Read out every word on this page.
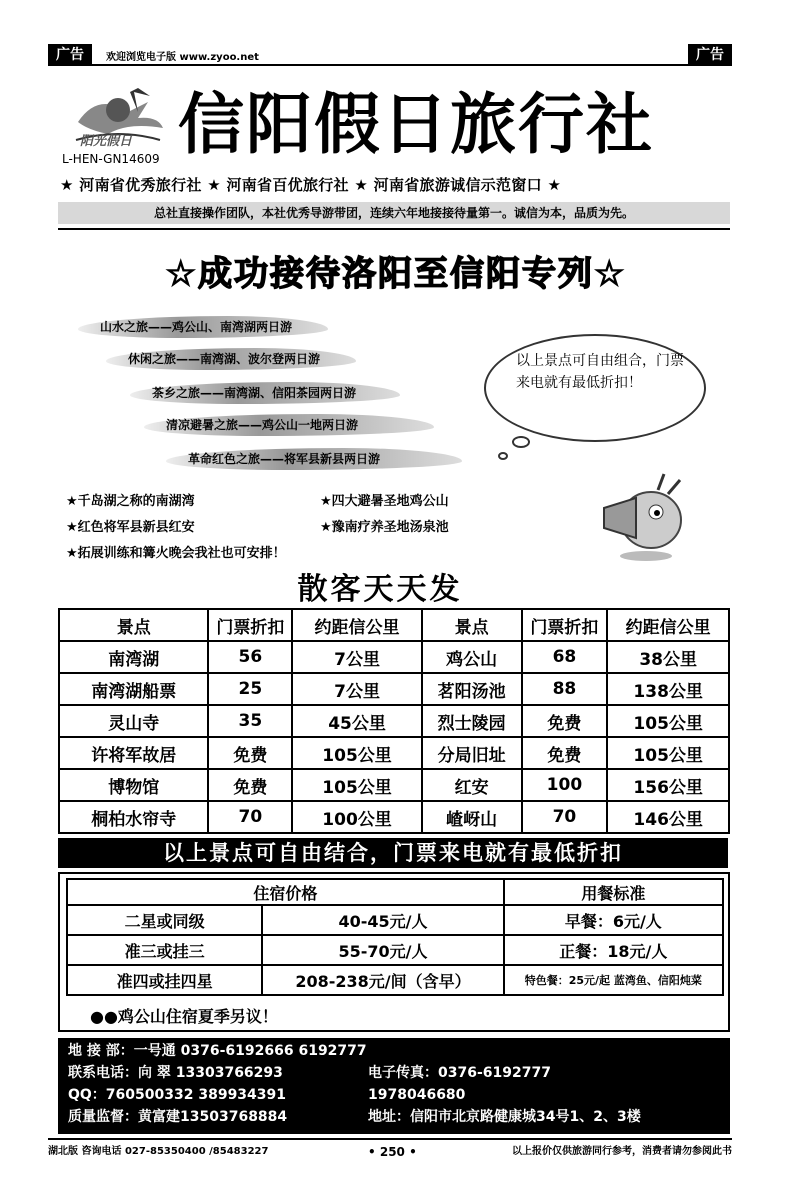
广告	欢迎浏览电子版 www.zyoo.net	广告
阳光假日
L-HEN-GN14609 信阳假日旅行社
★ 河南省优秀旅行社 ★ 河南省百优旅行社 ★ 河南省旅游诚信示范窗口 ★
总社直接操作团队，本社优秀导游带团，连续六年地接接待量第一。诚信为本，品质为先。
☆成功接待洛阳至信阳专列☆
山水之旅——鸡公山、南湾湖两日游
休闲之旅——南湾湖、波尔登两日游
茶乡之旅——南湾湖、信阳茶园两日游
清凉避暑之旅——鸡公山一地两日游
革命红色之旅——将军县新县两日游
以上景点可自由组合，门票来电就有最低折扣！
★千岛湖之称的南湖湾	★四大避暑圣地鸡公山
★红色将军县新县红安	★豫南疗养圣地汤泉池
★拓展训练和篝火晚会我社也可安排！
散客天天发
景点	门票折扣	约距信公里	景点	门票折扣	约距信公里
南湾湖	56	7公里	鸡公山	68	38公里
南湾湖船票	25	7公里	茗阳汤池	88	138公里
灵山寺	35	45公里	烈士陵园	免费	105公里
许将军故居	免费	105公里	分局旧址	免费	105公里
博物馆	免费	105公里	红安	100	156公里
桐柏水帘寺	70	100公里	嵖岈山	70	146公里
以上景点可自由结合，门票来电就有最低折扣
住宿价格		用餐标准
二星或同级	40-45元/人	早餐：6元/人
准三或挂三	55-70元/人	正餐：18元/人
准四或挂四星	208-238元/间（含早）	特色餐：25元/起 蓝湾鱼、信阳炖菜
●●鸡公山住宿夏季另议！
地 接 部：一号通 0376-6192666 6192777
联系电话：向 翠 13303766293	电子传真：0376-6192777
QQ：760500332 389934391	1978046680
质量监督：黄富建13503768884	地址：信阳市北京路健康城34号1、2、3楼
湖北版 咨询电话 027-85350400 /85483227	• 250 •	以上报价仅供旅游同行参考，消费者请勿参阅此书
